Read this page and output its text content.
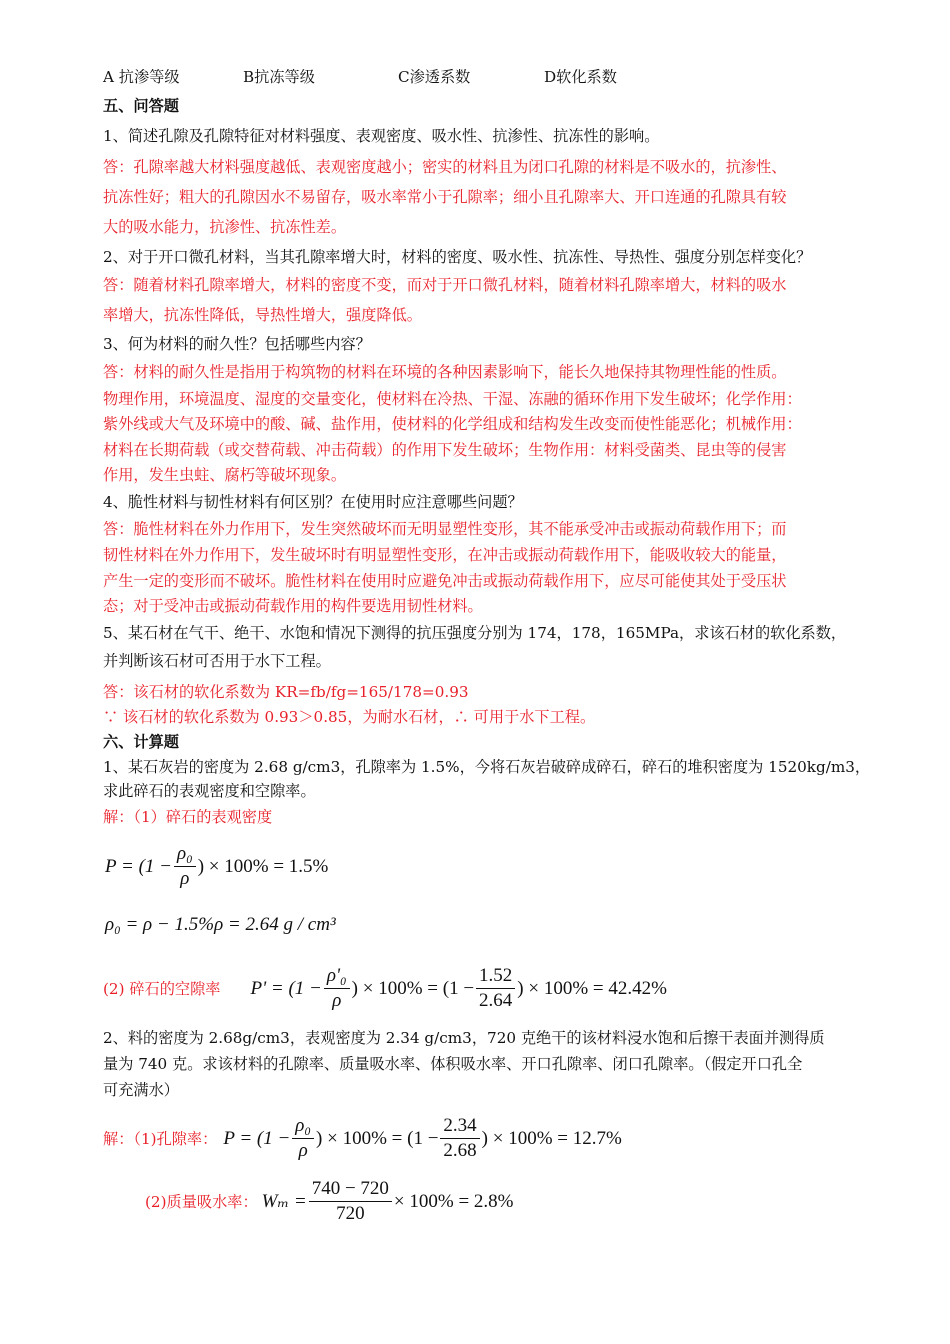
A 抗渗等级	B抗冻等级	C渗透系数	D软化系数
五、问答题
1、简述孔隙及孔隙特征对材料强度、表观密度、吸水性、抗渗性、抗冻性的影响。
答：孔隙率越大材料强度越低、表观密度越小；密实的材料且为闭口孔隙的材料是不吸水的，抗渗性、
抗冻性好；粗大的孔隙因水不易留存，吸水率常小于孔隙率；细小且孔隙率大、开口连通的孔隙具有较
大的吸水能力，抗渗性、抗冻性差。
2、对于开口微孔材料，当其孔隙率增大时，材料的密度、吸水性、抗冻性、导热性、强度分别怎样变化？
答：随着材料孔隙率增大，材料的密度不变，而对于开口微孔材料，随着材料孔隙率增大，材料的吸水
率增大，抗冻性降低，导热性增大，强度降低。
3、何为材料的耐久性？包括哪些内容？
答：材料的耐久性是指用于构筑物的材料在环境的各种因素影响下，能长久地保持其物理性能的性质。
物理作用，环境温度、湿度的交量变化，使材料在冷热、干湿、冻融的循环作用下发生破坏；化学作用：
紫外线或大气及环境中的酸、碱、盐作用，使材料的化学组成和结构发生改变而使性能恶化；机械作用：
材料在长期荷载（或交替荷载、冲击荷载）的作用下发生破坏；生物作用：材料受菌类、昆虫等的侵害
作用，发生虫蛀、腐朽等破坏现象。
4、脆性材料与韧性材料有何区别？在使用时应注意哪些问题？
答：脆性材料在外力作用下，发生突然破坏而无明显塑性变形，其不能承受冲击或振动荷载作用下；而
韧性材料在外力作用下，发生破坏时有明显塑性变形，在冲击或振动荷载作用下，能吸收较大的能量，
产生一定的变形而不破坏。脆性材料在使用时应避免冲击或振动荷载作用下，应尽可能使其处于受压状
态；对于受冲击或振动荷载作用的构件要选用韧性材料。
5、某石材在气干、绝干、水饱和情况下测得的抗压强度分别为 174，178，165MPa，求该石材的软化系数，
并判断该石材可否用于水下工程。
答：该石材的软化系数为 KR=fb/fg=165/178=0.93
∵ 该石材的软化系数为 0.93＞0.85，为耐水石材，∴ 可用于水下工程。
六、计算题
1、某石灰岩的密度为 2.68 g/cm3，孔隙率为 1.5%，今将石灰岩破碎成碎石，碎石的堆积密度为 1520kg/m3，
求此碎石的表观密度和空隙率。
解：（1）碎石的表观密度
$P = (1 - \frac{\text{ρ₀}}{\rho}$ ) × 100% = 1.5%
ρ₀ = ρ − 1.5%ρ = 2.64 g / cm³
(2) 碎石的空隙率 $P' = (1 - \frac{\text{ρ'₀}}{\rho}$ ) × $100\% = (1 - \frac{1.52}{2.64}$ ) × 100% = 42.42%
2、料的密度为 2.68g/cm3，表观密度为 2.34 g/cm3，720 克绝干的该材料浸水饱和后擦干表面并测得质
量为 740 克。求该材料的孔隙率、质量吸水率、体积吸水率、开口孔隙率、闭口孔隙率。（假定开口孔全
可充满水）
解：（1)孔隙率： $P = (1 - \frac{\text{ρ₀}}{\rho}$ ) × $100\% = (1 - \frac{2.34}{2.68}$ ) × 100% = 12.7%
(2)质量吸水率： $W_m = \frac{740 - 720}{720} \times 100\% = 2.8\%$
